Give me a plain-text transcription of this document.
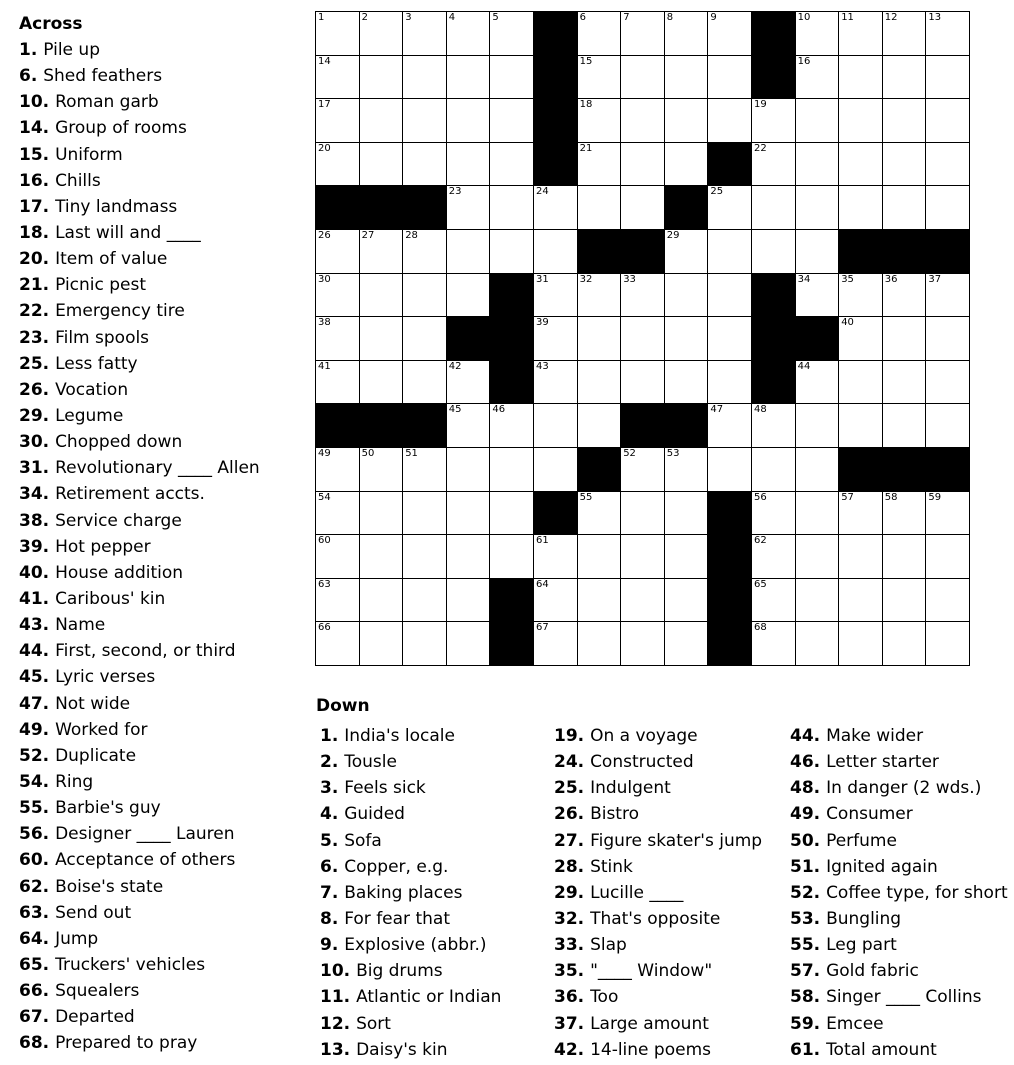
Across
1. Pile up
6. Shed feathers
10. Roman garb
14. Group of rooms
15. Uniform
16. Chills
17. Tiny landmass
18. Last will and ____
20. Item of value
21. Picnic pest
22. Emergency tire
23. Film spools
25. Less fatty
26. Vocation
29. Legume
30. Chopped down
31. Revolutionary ____ Allen
34. Retirement accts.
38. Service charge
39. Hot pepper
40. House addition
41. Caribous' kin
43. Name
44. First, second, or third
45. Lyric verses
47. Not wide
49. Worked for
52. Duplicate
54. Ring
55. Barbie's guy
56. Designer ____ Lauren
60. Acceptance of others
62. Boise's state
63. Send out
64. Jump
65. Truckers' vehicles
66. Squealers
67. Departed
68. Prepared to pray
1	2	3	4	5	6	7	8	9	10	11	12	13
14	15	16
17	18	19
20	21	22
23	24	25
26	27	28	29
30	31	32	33	34	35	36	37
38	39	40
41	42	43	44
45	46	47	48
49	50	51	52	53
54	55	56	57	58	59
60	61	62
63	64	65
66	67	68
Down
1. India's locale
2. Tousle
3. Feels sick
4. Guided
5. Sofa
6. Copper, e.g.
7. Baking places
8. For fear that
9. Explosive (abbr.)
10. Big drums
11. Atlantic or Indian
12. Sort
13. Daisy's kin
19. On a voyage
24. Constructed
25. Indulgent
26. Bistro
27. Figure skater's jump
28. Stink
29. Lucille ____
32. That's opposite
33. Slap
35. "____ Window"
36. Too
37. Large amount
42. 14-line poems
44. Make wider
46. Letter starter
48. In danger (2 wds.)
49. Consumer
50. Perfume
51. Ignited again
52. Coffee type, for short
53. Bungling
55. Leg part
57. Gold fabric
58. Singer ____ Collins
59. Emcee
61. Total amount
